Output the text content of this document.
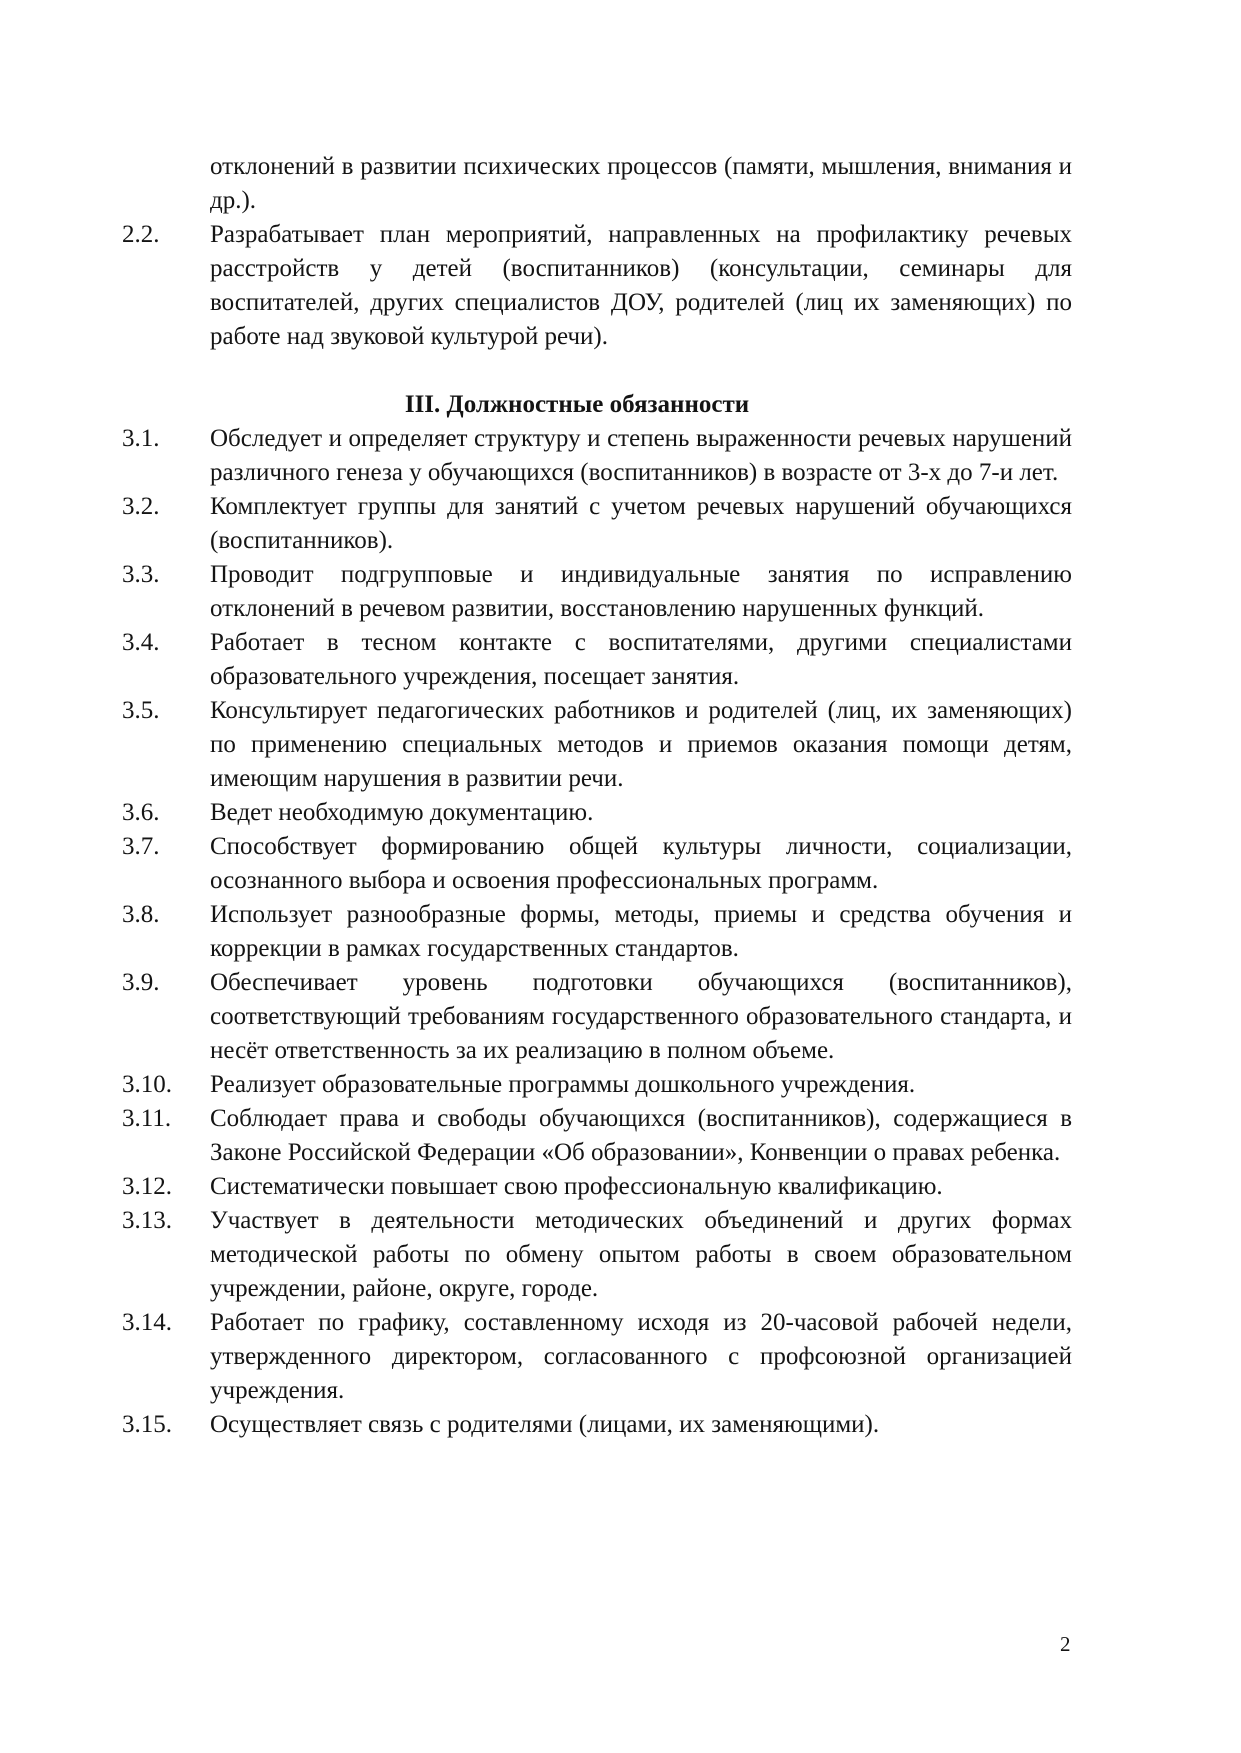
отклонений в развитии психических процессов (памяти, мышления, внимания и др.).
2.2.	Разрабатывает план мероприятий, направленных на профилактику речевых расстройств у детей (воспитанников) (консультации, семинары для воспитателей, других специалистов ДОУ, родителей (лиц их заменяющих) по работе над звуковой культурой речи).
III. Должностные обязанности
3.1.	Обследует и определяет структуру и степень выраженности речевых нарушений различного генеза у обучающихся (воспитанников) в возрасте от 3-х до 7-и лет.
3.2.	Комплектует группы для занятий с учетом речевых нарушений обучающихся (воспитанников).
3.3.	Проводит подгрупповые и индивидуальные занятия по исправлению отклонений в речевом развитии, восстановлению нарушенных функций.
3.4.	Работает в тесном контакте с воспитателями, другими специалистами образовательного учреждения, посещает занятия.
3.5.	Консультирует педагогических работников и родителей (лиц, их заменяющих) по применению специальных методов и приемов оказания помощи детям, имеющим нарушения в развитии речи.
3.6.	Ведет необходимую документацию.
3.7.	Способствует формированию общей культуры личности, социализации, осознанного выбора и освоения профессиональных программ.
3.8.	Использует разнообразные формы, методы, приемы и средства обучения и коррекции в рамках государственных стандартов.
3.9.	Обеспечивает уровень подготовки обучающихся (воспитанников), соответствующий требованиям государственного образовательного стандарта, и несёт ответственность за их реализацию в полном объеме.
3.10.	Реализует образовательные программы дошкольного учреждения.
3.11.	Соблюдает права и свободы обучающихся (воспитанников), содержащиеся в Законе Российской Федерации «Об образовании», Конвенции о правах ребенка.
3.12.	Систематически повышает свою профессиональную квалификацию.
3.13.	Участвует в деятельности методических объединений и других формах методической работы по обмену опытом работы в своем образовательном учреждении, районе, округе, городе.
3.14.	Работает по графику, составленному исходя из 20-часовой рабочей недели, утвержденного директором, согласованного с профсоюзной организацией учреждения.
3.15.	Осуществляет связь с родителями (лицами, их заменяющими).
2
